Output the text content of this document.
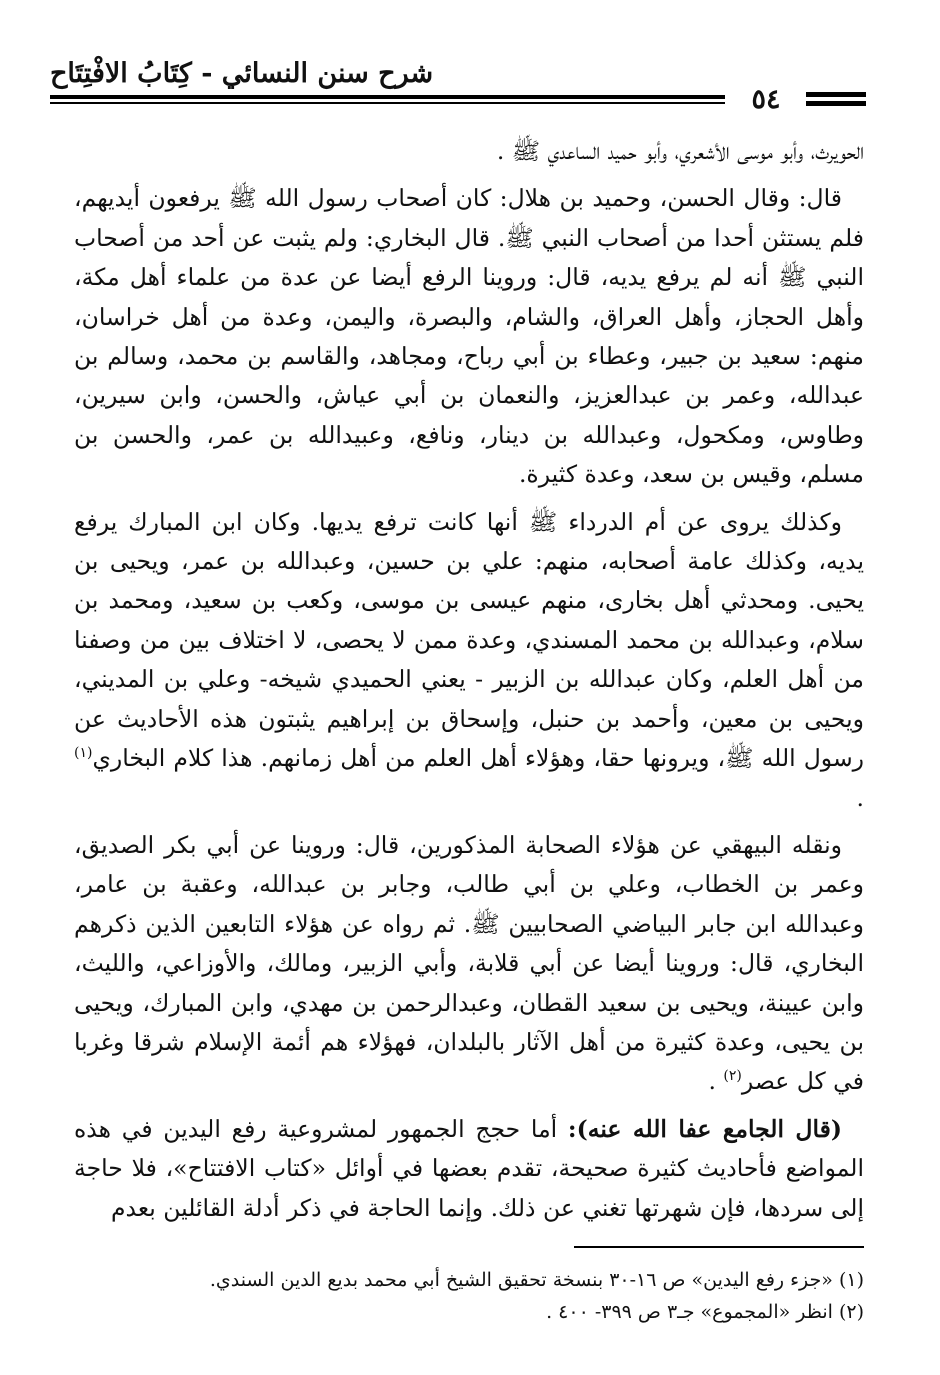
شرح سنن النسائي - كِتَابُ الافْتِتَاح
٥٤

الحويرث، وأبو موسى الأشعري، وأبو حميد الساعدي ﷺ .

قال: وقال الحسن، وحميد بن هلال: كان أصحاب رسول الله ﷺ يرفعون أيديهم، فلم يستثن أحدا من أصحاب النبي ﷺ. قال البخاري: ولم يثبت عن أحد من أصحاب النبي ﷺ أنه لم يرفع يديه، قال: وروينا الرفع أيضا عن عدة من علماء أهل مكة، وأهل الحجاز، وأهل العراق، والشام، والبصرة، واليمن، وعدة من أهل خراسان، منهم: سعيد بن جبير، وعطاء بن أبي رباح، ومجاهد، والقاسم بن محمد، وسالم بن عبدالله، وعمر بن عبدالعزيز، والنعمان بن أبي عياش، والحسن، وابن سيرين، وطاوس، ومكحول، وعبدالله بن دينار، ونافع، وعبيدالله بن عمر، والحسن بن مسلم، وقيس بن سعد، وعدة كثيرة.

وكذلك يروى عن أم الدرداء ﷺ أنها كانت ترفع يديها. وكان ابن المبارك يرفع يديه، وكذلك عامة أصحابه، منهم: علي بن حسين، وعبدالله بن عمر، ويحيى بن يحيى. ومحدثي أهل بخارى، منهم عيسى بن موسى، وكعب بن سعيد، ومحمد بن سلام، وعبدالله بن محمد المسندي، وعدة ممن لا يحصى، لا اختلاف بين من وصفنا من أهل العلم، وكان عبدالله بن الزبير - يعني الحميدي شيخه- وعلي بن المديني، ويحيى بن معين، وأحمد بن حنبل، وإسحاق بن إبراهيم يثبتون هذه الأحاديث عن رسول الله ﷺ، ويرونها حقا، وهؤلاء أهل العلم من أهل زمانهم. هذا كلام البخاري$^{(١)}$ .

ونقله البيهقي عن هؤلاء الصحابة المذكورين، قال: وروينا عن أبي بكر الصديق، وعمر بن الخطاب، وعلي بن أبي طالب، وجابر بن عبدالله، وعقبة بن عامر، وعبدالله ابن جابر البياضي الصحابيين ﷺ. ثم رواه عن هؤلاء التابعين الذين ذكرهم البخاري، قال: وروينا أيضا عن أبي قلابة، وأبي الزبير، ومالك، والأوزاعي، والليث، وابن عيينة، ويحيى بن سعيد القطان، وعبدالرحمن بن مهدي، وابن المبارك، ويحيى بن يحيى، وعدة كثيرة من أهل الآثار بالبلدان، فهؤلاء هم أئمة الإسلام شرقا وغربا في كل عصر$^{(٢)}$ .

(قال الجامع عفا الله عنه): أما حجج الجمهور لمشروعية رفع اليدين في هذه المواضع فأحاديث كثيرة صحيحة، تقدم بعضها في أوائل «كتاب الافتتاح»، فلا حاجة إلى سردها، فإن شهرتها تغني عن ذلك. وإنما الحاجة في ذكر أدلة القائلين بعدم

(١) «جزء رفع اليدين» ص ١٦-٣٠ بنسخة تحقيق الشيخ أبي محمد بديع الدين السندي.
(٢) انظر «المجموع» جـ٣ ص ٣٩٩- ٤٠٠ .
